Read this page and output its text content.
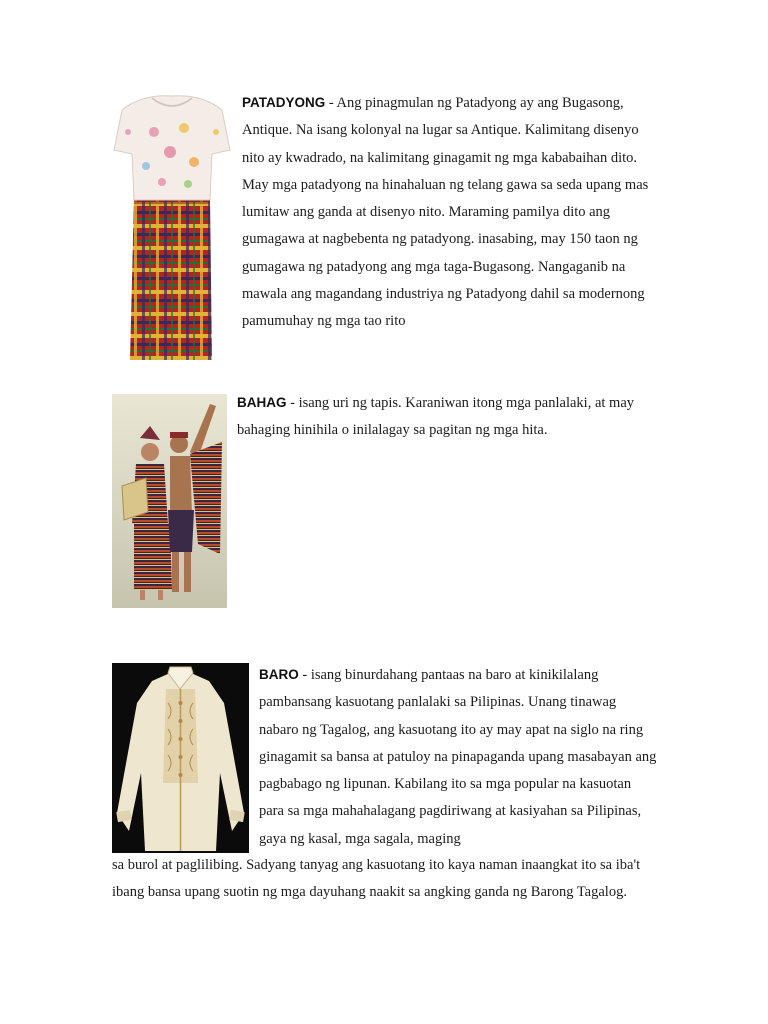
PATADYONG - Ang pinagmulan ng Patadyong ay ang Bugasong, Antique. Na isang kolonyal na lugar sa Antique. Kalimitang disenyo nito ay kwadrado, na kalimitang ginagamit ng mga kababaihan dito. May mga patadyong na hinahaluan ng telang gawa sa seda upang mas lumitaw ang ganda at disenyo nito. Maraming pamilya dito ang gumagawa at nagbebenta ng patadyong. inasabing, may 150 taon ng gumagawa ng patadyong ang mga taga-Bugasong. Nangaganib na mawala ang magandang industriya ng Patadyong dahil sa modernong pamumuhay ng mga tao rito

BAHAG - isang uri ng tapis. Karaniwan itong mga panlalaki, at may bahaging hinihila o inilalagay sa pagitan ng mga hita.

BARO - isang binurdahang pantaas na baro at kinikilalang pambansang kasuotang panlalaki sa Pilipinas. Unang tinawag nabaro ng Tagalog, ang kasuotang ito ay may apat na siglo na ring ginagamit sa bansa at patuloy na pinapaganda upang masabayan ang pagbabago ng lipunan. Kabilang ito sa mga popular na kasuotan para sa mga mahahalagang pagdiriwang at kasiyahan sa Pilipinas, gaya ng kasal, mga sagala, maging

sa burol at paglilibing. Sadyang tanyag ang kasuotang ito kaya naman inaangkat ito sa iba't ibang bansa upang suotin ng mga dayuhang naakit sa angking ganda ng Barong Tagalog.
